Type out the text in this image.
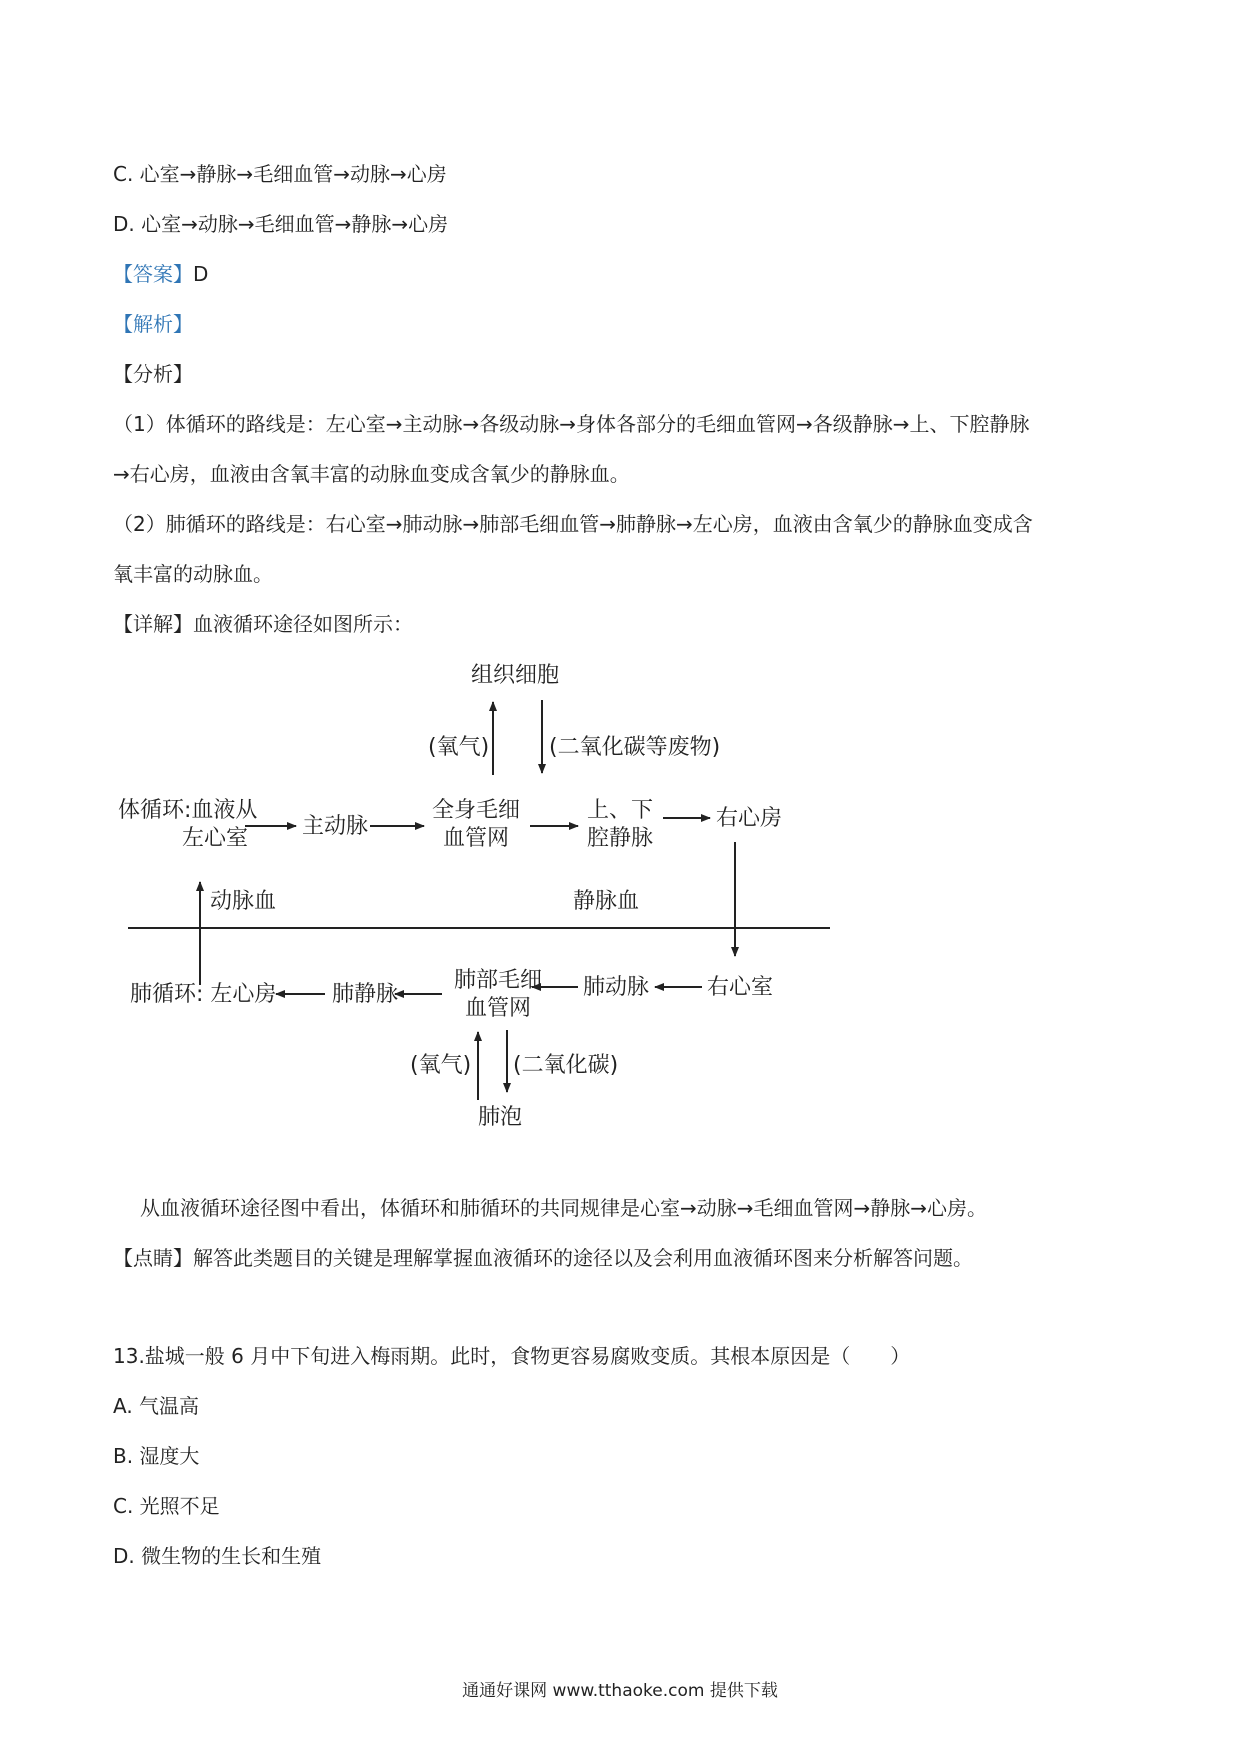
C. 心室→静脉→毛细血管→动脉→心房
D. 心室→动脉→毛细血管→静脉→心房
【答案】D
【解析】
【分析】
（1）体循环的路线是：左心室→主动脉→各级动脉→身体各部分的毛细血管网→各级静脉→上、下腔静脉
→右心房，血液由含氧丰富的动脉血变成含氧少的静脉血。
（2）肺循环的路线是：右心室→肺动脉→肺部毛细血管→肺静脉→左心房，血液由含氧少的静脉血变成含
氧丰富的动脉血。
【详解】血液循环途径如图所示：
组织细胞
(氧气)	(二氧化碳等废物)
体循环:血液从
左心室 主动脉
全身毛细
血管网
上、下
腔静脉
右心房
动脉血	静脉血
肺循环: 左心房	肺静脉
肺部毛细
血管网
肺动脉	右心室
(氧气) (二氧化碳)
肺泡
从血液循环途径图中看出，体循环和肺循环的共同规律是心室→动脉→毛细血管网→静脉→心房。
【点睛】解答此类题目的关键是理解掌握血液循环的途径以及会利用血液循环图来分析解答问题。
13.盐城一般 6 月中下旬进入梅雨期。此时，食物更容易腐败变质。其根本原因是（　　）
A. 气温高
B. 湿度大
C. 光照不足
D. 微生物的生长和生殖
通通好课网 www.tthaoke.com 提供下载
